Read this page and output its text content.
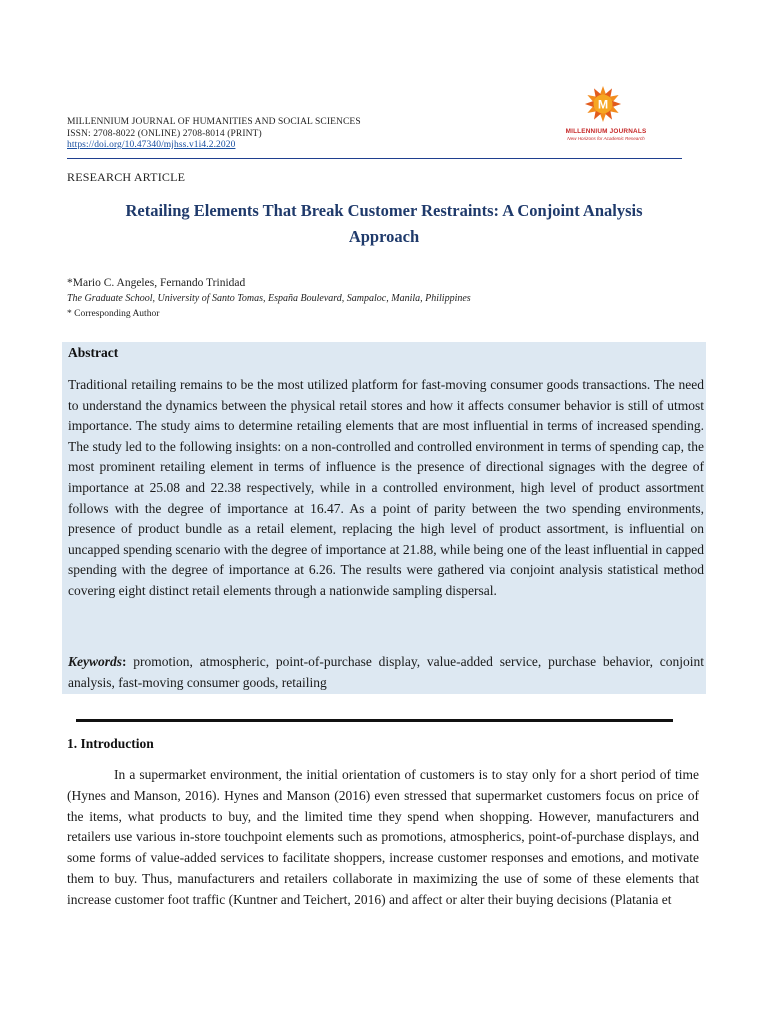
MILLENNIUM JOURNAL OF HUMANITIES AND SOCIAL SCIENCES
ISSN: 2708-8022 (ONLINE) 2708-8014 (PRINT)
https://doi.org/10.47340/mjhss.v1i4.2.2020
M
MILLENNIUM JOURNALS
New Horizons for Academic Research
RESEARCH ARTICLE
Retailing Elements That Break Customer Restraints: A Conjoint Analysis Approach
*Mario C. Angeles, Fernando Trinidad
The Graduate School, University of Santo Tomas, España Boulevard, Sampaloc, Manila, Philippines
* Corresponding Author
Abstract

Traditional retailing remains to be the most utilized platform for fast-moving consumer goods transactions. The need to understand the dynamics between the physical retail stores and how it affects consumer behavior is still of utmost importance. The study aims to determine retailing elements that are most influential in terms of increased spending. The study led to the following insights: on a non-controlled and controlled environment in terms of spending cap, the most prominent retailing element in terms of influence is the presence of directional signages with the degree of importance at 25.08 and 22.38 respectively, while in a controlled environment, high level of product assortment follows with the degree of importance at 16.47. As a point of parity between the two spending environments, presence of product bundle as a retail element, replacing the high level of product assortment, is influential on uncapped spending scenario with the degree of importance at 21.88, while being one of the least influential in capped spending with the degree of importance at 6.26. The results were gathered via conjoint analysis statistical method covering eight distinct retail elements through a nationwide sampling dispersal.

Keywords: promotion, atmospheric, point-of-purchase display, value-added service, purchase behavior, conjoint analysis, fast-moving consumer goods, retailing

1. Introduction

In a supermarket environment, the initial orientation of customers is to stay only for a short period of time (Hynes and Manson, 2016). Hynes and Manson (2016) even stressed that supermarket customers focus on price of the items, what products to buy, and the limited time they spend when shopping. However, manufacturers and retailers use various in-store touchpoint elements such as promotions, atmospherics, point-of-purchase displays, and some forms of value-added services to facilitate shoppers, increase customer responses and emotions, and motivate them to buy. Thus, manufacturers and retailers collaborate in maximizing the use of some of these elements that increase customer foot traffic (Kuntner and Teichert, 2016) and affect or alter their buying decisions (Platania et
